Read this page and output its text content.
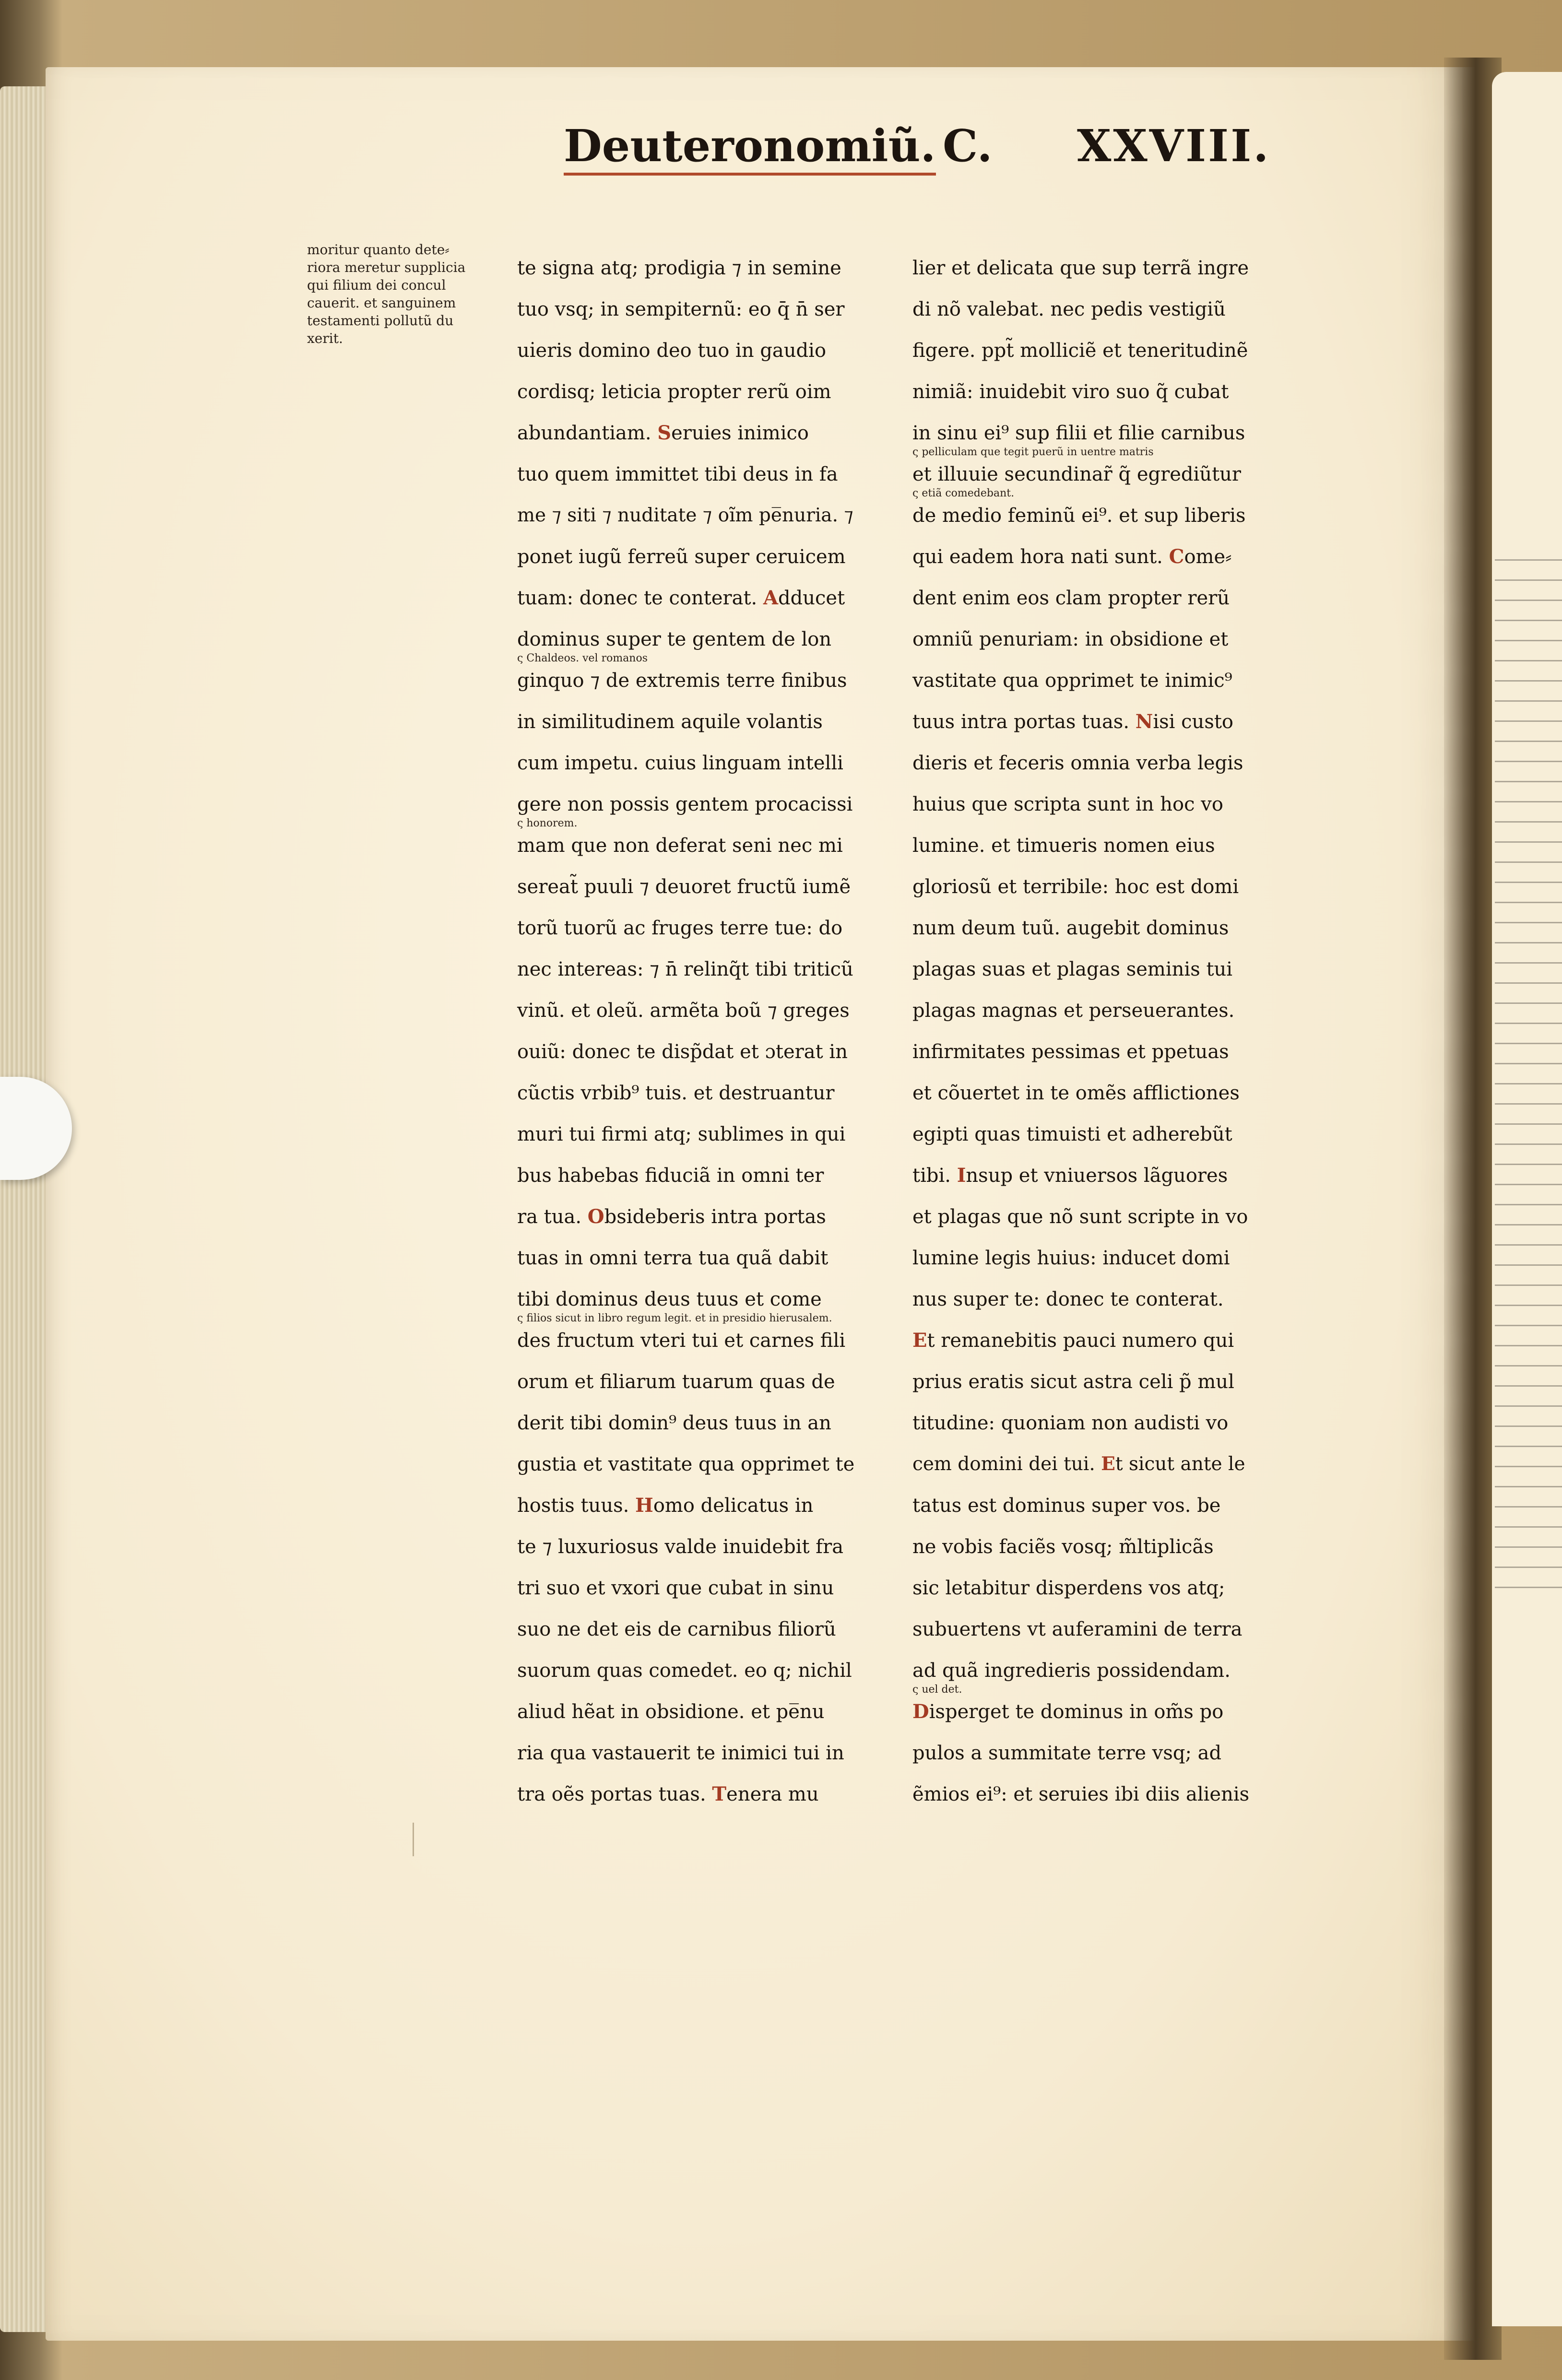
Deuteronomiũ. C. XXVIII.
moritur quanto dete⸗
riora meretur supplicia
qui filium dei concul
cauerit. et sanguinem
testamenti pollutũ du
xerit.
te signa atq; prodigia ⁊ in semine
tuo vsq; in sempiternũ: eo q̄ n̄ ser
ui̇eris domino deo tuo in gaudio
cordisq; leticia propter rerũ oim
abundantiam. Seruies inimico
tuo quem immittet tibi deus in fa
me ⁊ siti ⁊ nuditate ⁊ oĩm pe̅nuria. ⁊
ponet iugũ ferreũ super ceruicem
tuam: donec te conterat. Adducet
dominus super te gentem de lon
ς Chaldeos. vel romanos
ginquo ⁊ de extremis terre finibus
in similitudinem aquile volantis
cum impetu. cuius linguam intelli
gere non possis gentem procacissi
ς honorem.
mam que non deferat seni nec mi
sereat̃ puuli ⁊ deuoret fructũ iumẽ
torũ tuorũ ac fruges terre tue: do
nec intereas: ⁊ n̄ relinq̃t tibi triticũ
vinũ. et oleũ. armẽta boũ ⁊ greges
ouiũ: donec te disp̃dat et ɔterat in
cũctis vrbib⁹ tuis. et destruantur
muri tui firmi atq; sublimes in qui
bus habebas fiduciã in omni ter
ra tua. Obsideberis intra portas
tuas in omni terra tua quã dabit
tibi dominus deus tuus et come
ς filios sicut in libro regum legit. et in presidio hierusalem.
des fructum vteri tui et carnes fili
orum et filiarum tuarum quas de
derit tibi domin⁹ deus tuus in an
gustia et vastitate qua opprimet te
hostis tuus. Homo delicatus in
te ⁊ luxuriosus valde inuidebit fra
tri suo et vxori que cubat in sinu
suo ne det eis de carnibus filiorũ
suorum quas comedet. eo q; nichil
aliud hẽat in obsidione. et pe̅nu
ria qua vastauerit te inimici tui in
tra oẽs portas tuas. Tenera mu
lier et delicata que sup terrã ingre
di nõ valebat. nec pedis vestigiũ
figere. ppt̃ molliciẽ et teneritudinẽ
nimiã: inuidebit viro suo q̃ cubat
in sinu ei⁹ sup filii et filie carnibus
ς pelliculam que tegit puerũ in uentre matris
et illuuie secundinar̃ q̃ egrediũtur
ς etiã comedebant.
de medio feminũ ei⁹. et sup liberis
qui eadem hora nati sunt. Come⸗
dent enim eos clam propter rerũ
omniũ penuriam: in obsidione et
vastitate qua opprimet te inimic⁹
tuus intra portas tuas. Nisi custo
dieris et feceris omnia verba legis
huius que scripta sunt in hoc vo
lumine. et timueris nomen eius
gloriosũ et terribile: hoc est domi
num deum tuũ. augebit dominus
plagas suas et plagas seminis tui
plagas magnas et perseuerantes.
infirmitates pessimas et ppetuas
et cõuertet in te omẽs afflictiones
egipti quas timuisti et adherebũt
tibi. Insup et vniuersos lãguores
et plagas que nõ sunt scripte in vo
lumine legis huius: inducet domi
nus super te: donec te conterat.
Et remanebitis pauci numero qui
prius eratis sicut astra celi p̃ mul
titudine: quoniam non audisti vo
cem domini dei tui. Et sicut ante le
tatus est dominus super vos. be
ne vobis faciẽs vosq; m̃ltiplicãs
sic letabitur disperdens vos atq;
subuertens vt auferamini de terra
ad quã ingredieris possidendam.
ς uel det.
Disperget te dominus in om̃s po
pulos a summitate terre vsq; ad
ẽmios ei⁹: et seruies ibi diis alienis
